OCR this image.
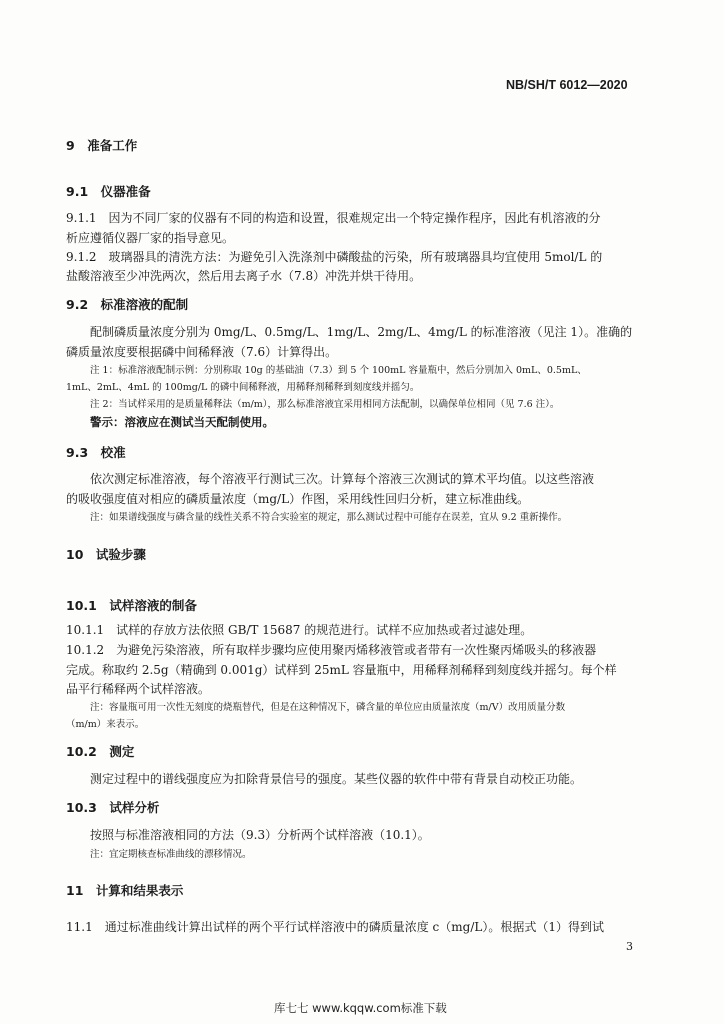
NB/SH/T 6012—2020
9　准备工作
9.1　仪器准备
9.1.1　因为不同厂家的仪器有不同的构造和设置，很难规定出一个特定操作程序，因此有机溶液的分
析应遵循仪器厂家的指导意见。
9.1.2　玻璃器具的清洗方法：为避免引入洗涤剂中磷酸盐的污染，所有玻璃器具均宜使用 5mol/L 的
盐酸溶液至少冲洗两次，然后用去离子水（7.8）冲洗并烘干待用。
9.2　标准溶液的配制
配制磷质量浓度分别为 0mg/L、0.5mg/L、1mg/L、2mg/L、4mg/L 的标准溶液（见注 1）。准确的
磷质量浓度要根据磷中间稀释液（7.6）计算得出。
注 1：标准溶液配制示例：分别称取 10g 的基础油（7.3）到 5 个 100mL 容量瓶中，然后分别加入 0mL、0.5mL、
1mL、2mL、4mL 的 100mg/L 的磷中间稀释液，用稀释剂稀释到刻度线并摇匀。
注 2：当试样采用的是质量稀释法（m/m），那么标准溶液宜采用相同方法配制，以确保单位相同（见 7.6 注）。
警示：溶液应在测试当天配制使用。
9.3　校准
依次测定标准溶液，每个溶液平行测试三次。计算每个溶液三次测试的算术平均值。以这些溶液
的吸收强度值对相应的磷质量浓度（mg/L）作图，采用线性回归分析，建立标准曲线。
注：如果谱线强度与磷含量的线性关系不符合实验室的规定，那么测试过程中可能存在误差，宜从 9.2 重新操作。
10　试验步骤
10.1　试样溶液的制备
10.1.1　试样的存放方法依照 GB/T 15687 的规范进行。试样不应加热或者过滤处理。
10.1.2　为避免污染溶液，所有取样步骤均应使用聚丙烯移液管或者带有一次性聚丙烯吸头的移液器
完成。称取约 2.5g（精确到 0.001g）试样到 25mL 容量瓶中，用稀释剂稀释到刻度线并摇匀。每个样
品平行稀释两个试样溶液。
注：容量瓶可用一次性无刻度的烧瓶替代，但是在这种情况下，磷含量的单位应由质量浓度（m/V）改用质量分数
（m/m）来表示。
10.2　测定
测定过程中的谱线强度应为扣除背景信号的强度。某些仪器的软件中带有背景自动校正功能。
10.3　试样分析
按照与标准溶液相同的方法（9.3）分析两个试样溶液（10.1）。
注：宜定期核查标准曲线的漂移情况。
11　计算和结果表示
11.1　通过标准曲线计算出试样的两个平行试样溶液中的磷质量浓度 c（mg/L）。根据式（1）得到试
3
库七七 www.kqqw.com标准下载
